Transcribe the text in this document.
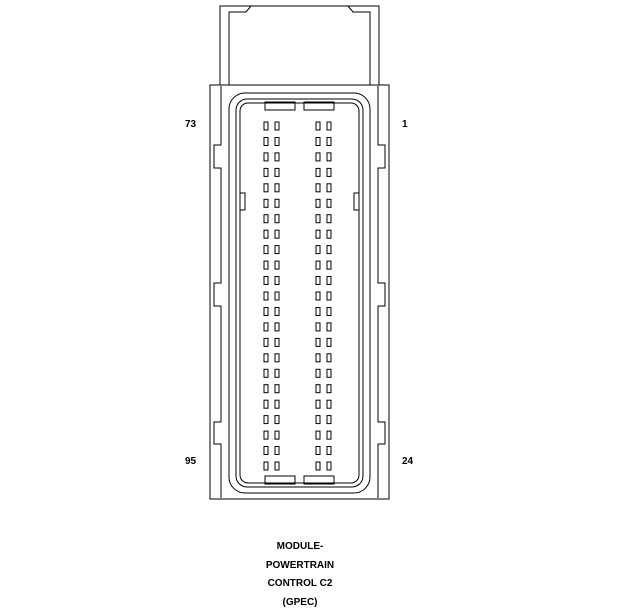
73	1
95	24
MODULE-
POWERTRAIN
CONTROL C2
(GPEC)
